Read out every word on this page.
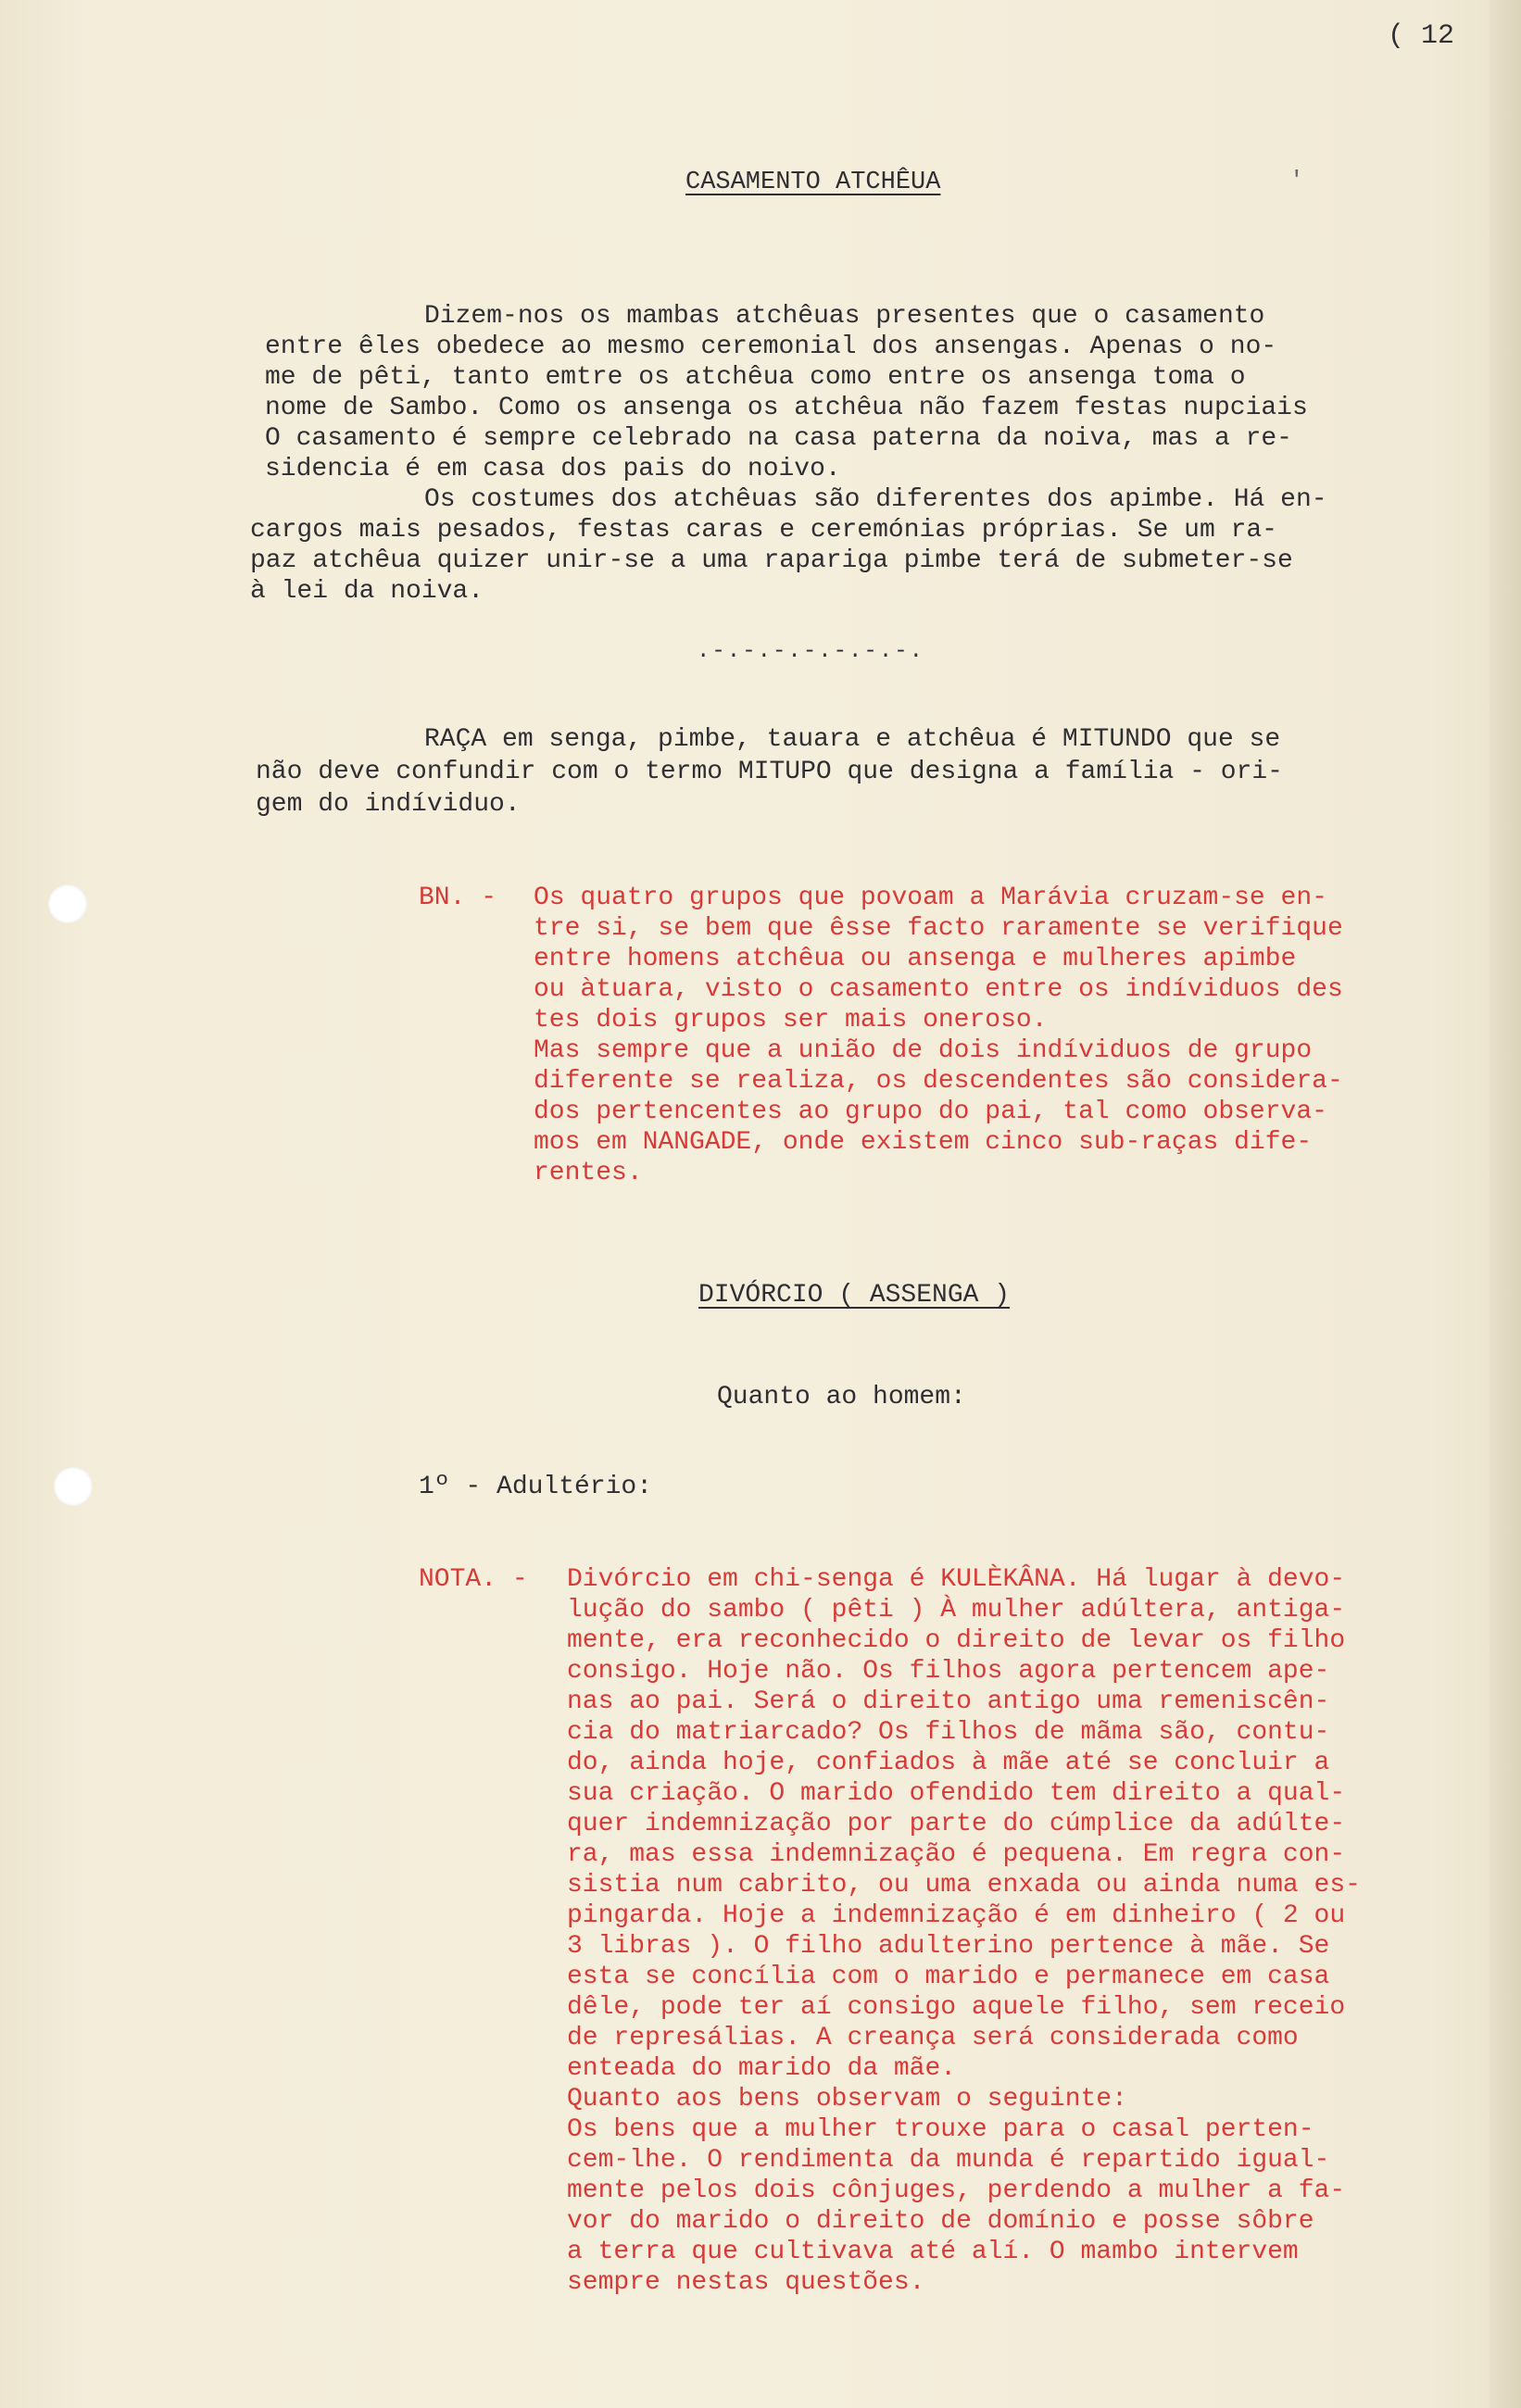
'
( 12
CASAMENTO ATCHÊUA
Dizem-nos os mambas atchêuas presentes que o casamento
entre êles obedece ao mesmo ceremonial dos ansengas. Apenas o no-
me de pêti, tanto emtre os atchêua como entre os ansenga toma o
nome de Sambo. Como os ansenga os atchêua não fazem festas nupciais
O casamento é sempre celebrado na casa paterna da noiva, mas a re-
sidencia é em casa dos pais do noivo.
Os costumes dos atchêuas são diferentes dos apimbe. Há en-
cargos mais pesados, festas caras e ceremónias próprias. Se um ra-
paz atchêua quizer unir-se a uma rapariga pimbe terá de submeter-se
à lei da noiva.
.-.-.-.-.-.-.-.
RAÇA em senga, pimbe, tauara e atchêua é MITUNDO que se
não deve confundir com o termo MITUPO que designa a família - ori-
gem do indíviduo.
BN. - Os quatro grupos que povoam a Marávia cruzam-se en-
tre si, se bem que êsse facto raramente se verifique
entre homens atchêua ou ansenga e mulheres apimbe
ou àtuara, visto o casamento entre os indíviduos des
tes dois grupos ser mais oneroso.
Mas sempre que a união de dois indíviduos de grupo
diferente se realiza, os descendentes são considera-
dos pertencentes ao grupo do pai, tal como observa-
mos em NANGADE, onde existem cinco sub-raças dife-
rentes.
DIVÓRCIO ( ASSENGA )
Quanto ao homem:
1º - Adultério:
NOTA. - Divórcio em chi-senga é KULÈKÂNA. Há lugar à devo-
lução do sambo ( pêti ) À mulher adúltera, antiga-
mente, era reconhecido o direito de levar os filho
consigo. Hoje não. Os filhos agora pertencem ape-
nas ao pai. Será o direito antigo uma remeniscên-
cia do matriarcado? Os filhos de mãma são, contu-
do, ainda hoje, confiados à mãe até se concluir a
sua criação. O marido ofendido tem direito a qual-
quer indemnização por parte do cúmplice da adúlte-
ra, mas essa indemnização é pequena. Em regra con-
sistia num cabrito, ou uma enxada ou ainda numa es-
pingarda. Hoje a indemnização é em dinheiro ( 2 ou
3 libras ). O filho adulterino pertence à mãe. Se
esta se concília com o marido e permanece em casa
dêle, pode ter aí consigo aquele filho, sem receio
de represálias. A creança será considerada como
enteada do marido da mãe.
Quanto aos bens observam o seguinte:
Os bens que a mulher trouxe para o casal perten-
cem-lhe. O rendimenta da munda é repartido igual-
mente pelos dois cônjuges, perdendo a mulher a fa-
vor do marido o direito de domínio e posse sôbre
a terra que cultivava até alí. O mambo intervem
sempre nestas questões.
